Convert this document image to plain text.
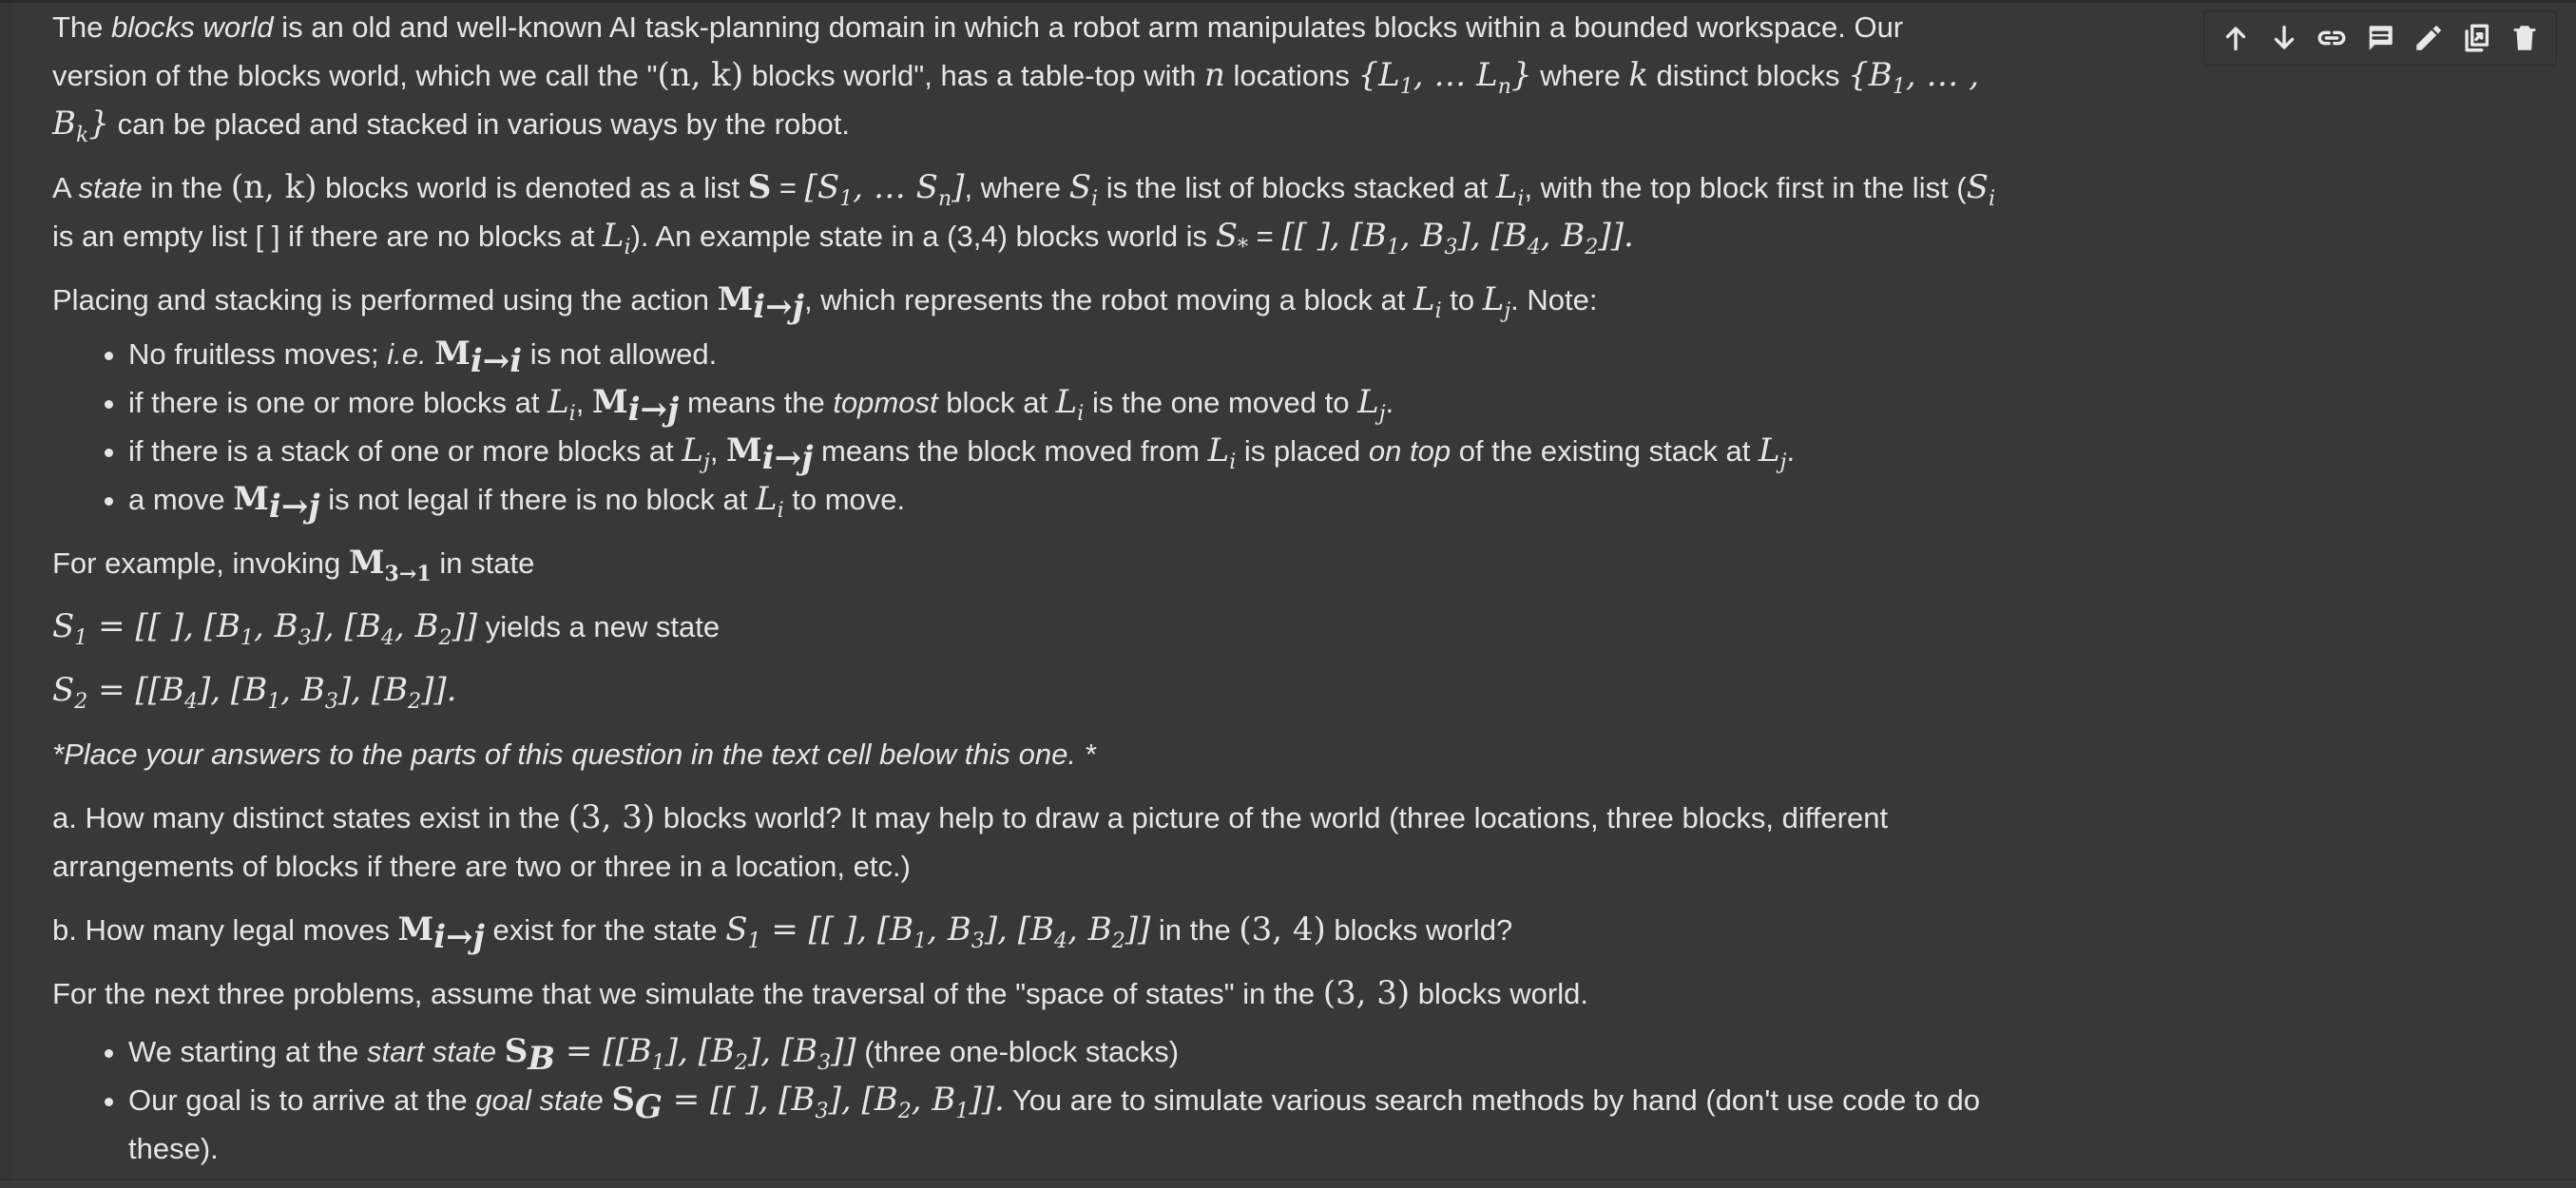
The blocks world is an old and well-known AI task-planning domain in which a robot arm manipulates blocks within a bounded workspace. Our version of the blocks world, which we call the "(n, k) blocks world", has a table-top with n locations {$L_1$, … $L_n$} where k distinct blocks {$B_1$, … , $B_k$} can be placed and stacked in various ways by the robot.

A state in the (n, k) blocks world is denoted as a list $S = [S_1$, … $S_n$], where $S_i$ is the list of blocks stacked at $L_i$, with the top block first in the list ($S_i$ is an empty list [ ] if there are no blocks at $L_i$). An example state in a (3,4) blocks world is $S_*$ = [[ ], [$B_1$, $B_3$], [$B_4$, $B_2$]].

Placing and stacking is performed using the action $M_{i\to j}$, which represents the robot moving a block at $L_i$ to $L_j$. Note:

• No fruitless moves; i.e. $M_{i\to i}$ is not allowed.
• if there is one or more blocks at $L_i$, $M_{i\to j}$ means the topmost block at $L_i$ is the one moved to $L_j$.
• if there is a stack of one or more blocks at $L_j$, $M_{i\to j}$ means the block moved from $L_i$ is placed on top of the existing stack at $L_j$.
• a move $M_{i\to j}$ is not legal if there is no block at $L_i$ to move.

For example, invoking $M_{3\to 1}$ in state

$S_1$ = [[ ], [$B_1$, $B_3$], [$B_4$, $B_2$]] yields a new state

$S_2 = [[B_4]$, [$B_1$, $B_3$], $[B_2]$].

*Place your answers to the parts of this question in the text cell below this one. *

a. How many distinct states exist in the (3, 3) blocks world? It may help to draw a picture of the world (three locations, three blocks, different arrangements of blocks if there are two or three in a location, etc.)

b. How many legal moves $M_{i\to j}$ exist for the state $S_1$ = [[ ], [$B_1$, $B_3$], [$B_4$, $B_2$]] in the (3, 4) blocks world?

For the next three problems, assume that we simulate the traversal of the "space of states" in the (3, 3) blocks world.

• We starting at the start state $S_B = [[B_1]$, $[B_2]$, $[B_3]$] (three one-block stacks)
• Our goal is to arrive at the goal state $S_G$ = [[ ], $[B_3]$, [$B_2$, $B_1$]]. You are to simulate various search methods by hand (don't use code to do these).
